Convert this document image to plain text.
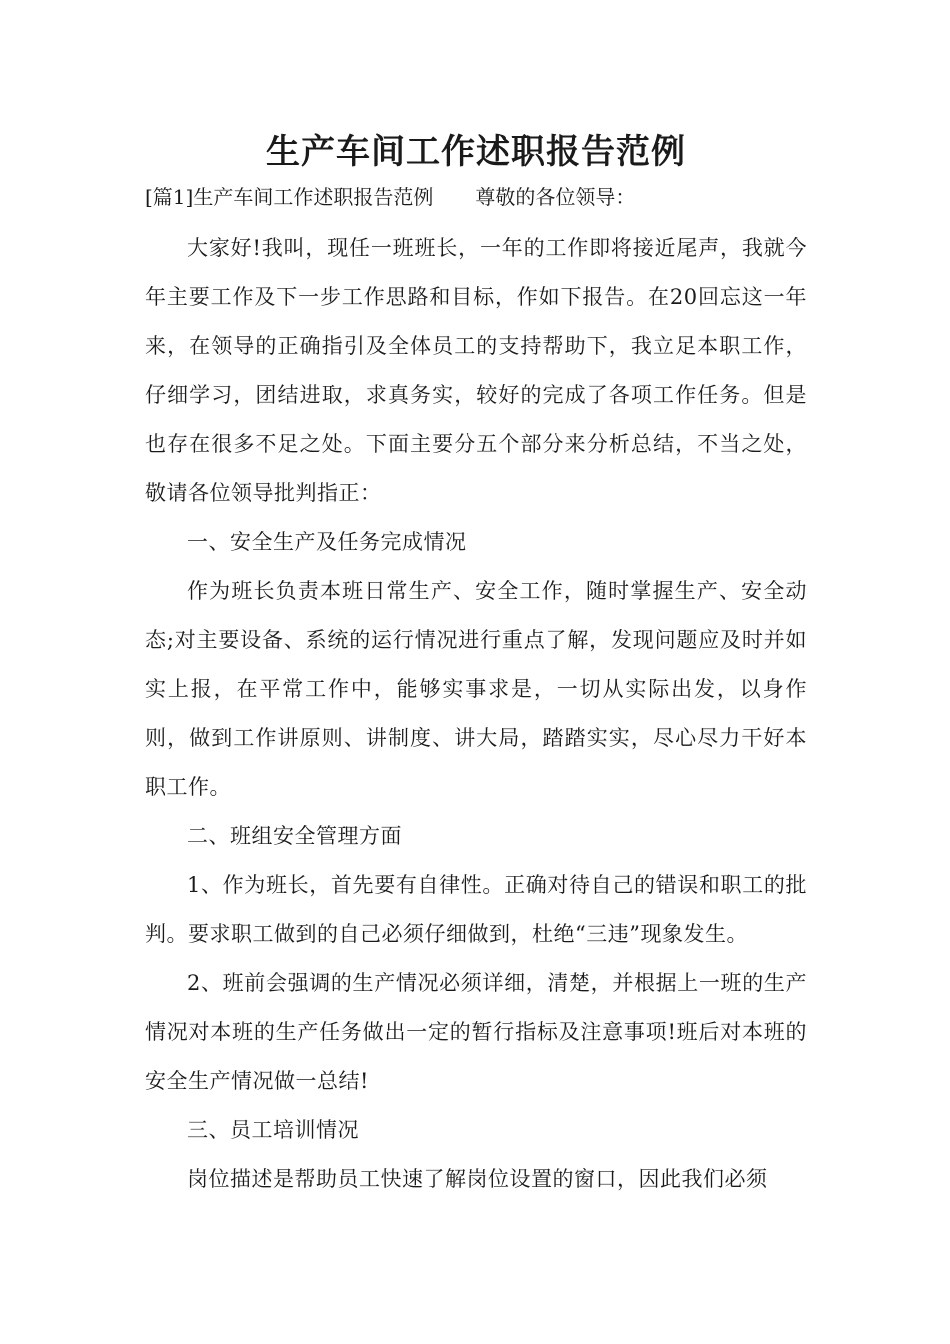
生产车间工作述职报告范例

[篇1]生产车间工作述职报告范例 尊敬的各位领导：

大家好!我叫，现任一班班长，一年的工作即将接近尾声，我就今年主要工作及下一步工作思路和目标，作如下报告。在20回忘这一年来，在领导的正确指引及全体员工的支持帮助下，我立足本职工作，仔细学习，团结进取，求真务实，较好的完成了各项工作任务。但是也存在很多不足之处。下面主要分五个部分来分析总结，不当之处，敬请各位领导批判指正：

一、安全生产及任务完成情况

作为班长负责本班日常生产、安全工作，随时掌握生产、安全动态;对主要设备、系统的运行情况进行重点了解，发现问题应及时并如实上报，在平常工作中，能够实事求是，一切从实际出发，以身作则，做到工作讲原则、讲制度、讲大局，踏踏实实，尽心尽力干好本职工作。

二、班组安全管理方面

1、作为班长，首先要有自律性。正确对待自己的错误和职工的批判。要求职工做到的自己必须仔细做到，杜绝“三违”现象发生。

2、班前会强调的生产情况必须详细，清楚，并根据上一班的生产情况对本班的生产任务做出一定的暂行指标及注意事项!班后对本班的安全生产情况做一总结!

三、员工培训情况

岗位描述是帮助员工快速了解岗位设置的窗口，因此我们必须
